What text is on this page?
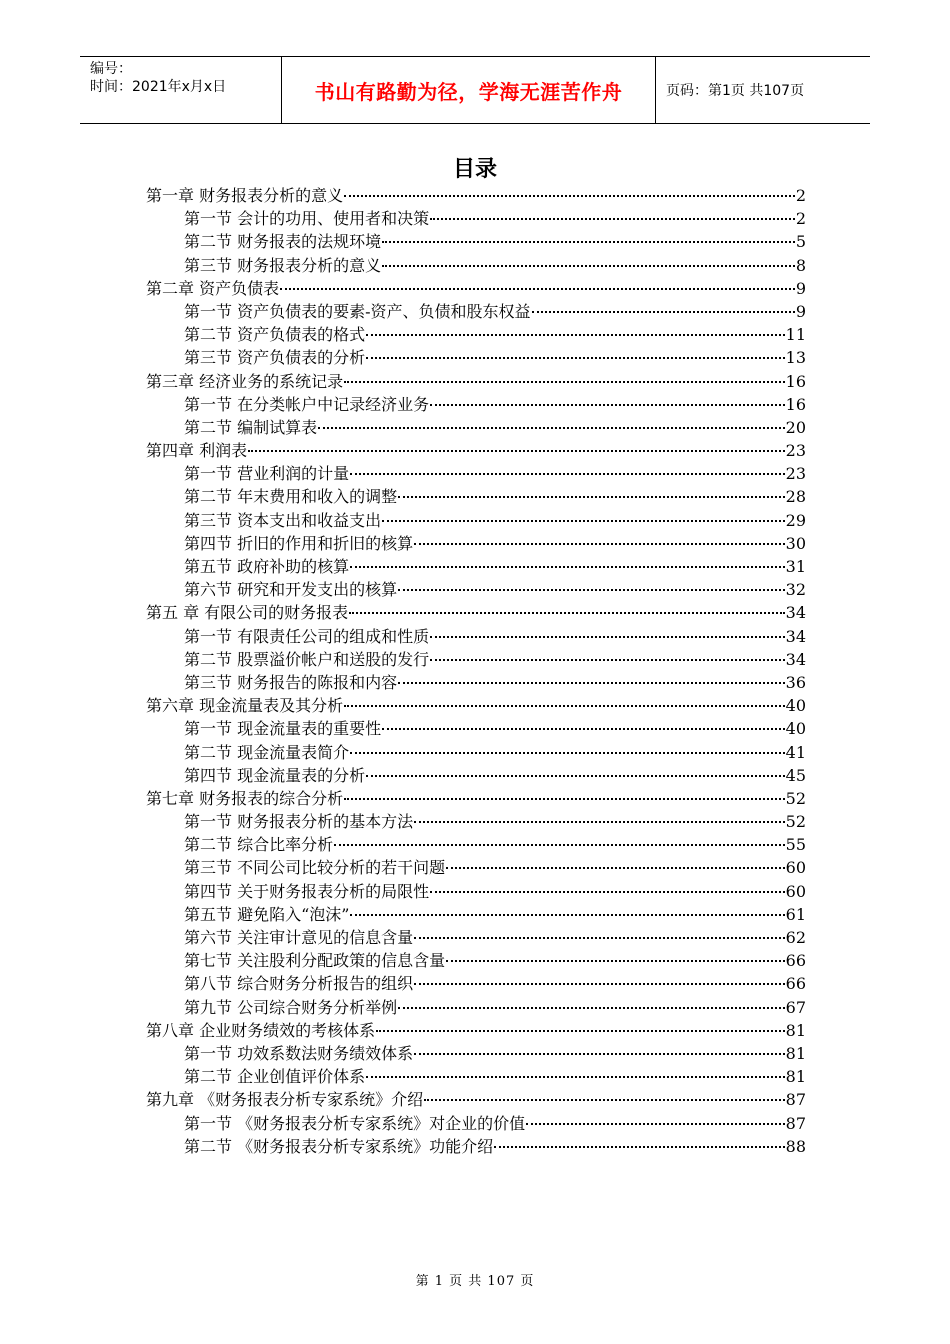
编号：
时间：2021年x月x日	书山有路勤为径，学海无涯苦作舟	页码：第1页 共107页
目录
第一章 财务报表分析的意义	2
第一节 会计的功用、使用者和决策	2
第二节 财务报表的法规环境	5
第三节 财务报表分析的意义	8
第二章 资产负债表	9
第一节 资产负债表的要素-资产、负债和股东权益	9
第二节 资产负债表的格式	11
第三节 资产负债表的分析	13
第三章 经济业务的系统记录	16
第一节 在分类帐户中记录经济业务	16
第二节 编制试算表	20
第四章 利润表	23
第一节 营业利润的计量	23
第二节 年末费用和收入的调整	28
第三节 资本支出和收益支出	29
第四节 折旧的作用和折旧的核算	30
第五节 政府补助的核算	31
第六节 研究和开发支出的核算	32
第五 章 有限公司的财务报表	34
第一节 有限责任公司的组成和性质	34
第二节 股票溢价帐户和送股的发行	34
第三节 财务报告的陈报和内容	36
第六章 现金流量表及其分析	40
第一节 现金流量表的重要性	40
第二节 现金流量表简介	41
第四节 现金流量表的分析	45
第七章 财务报表的综合分析	52
第一节 财务报表分析的基本方法	52
第二节 综合比率分析	55
第三节 不同公司比较分析的若干问题	60
第四节 关于财务报表分析的局限性	60
第五节 避免陷入“泡沫”	61
第六节 关注审计意见的信息含量	62
第七节 关注股利分配政策的信息含量	66
第八节 综合财务分析报告的组织	66
第九节 公司综合财务分析举例	67
第八章 企业财务绩效的考核体系	81
第一节 功效系数法财务绩效体系	81
第二节 企业创值评价体系	81
第九章 《财务报表分析专家系统》介绍	87
第一节 《财务报表分析专家系统》对企业的价值	87
第二节 《财务报表分析专家系统》功能介绍	88
第 1 页 共 107 页
